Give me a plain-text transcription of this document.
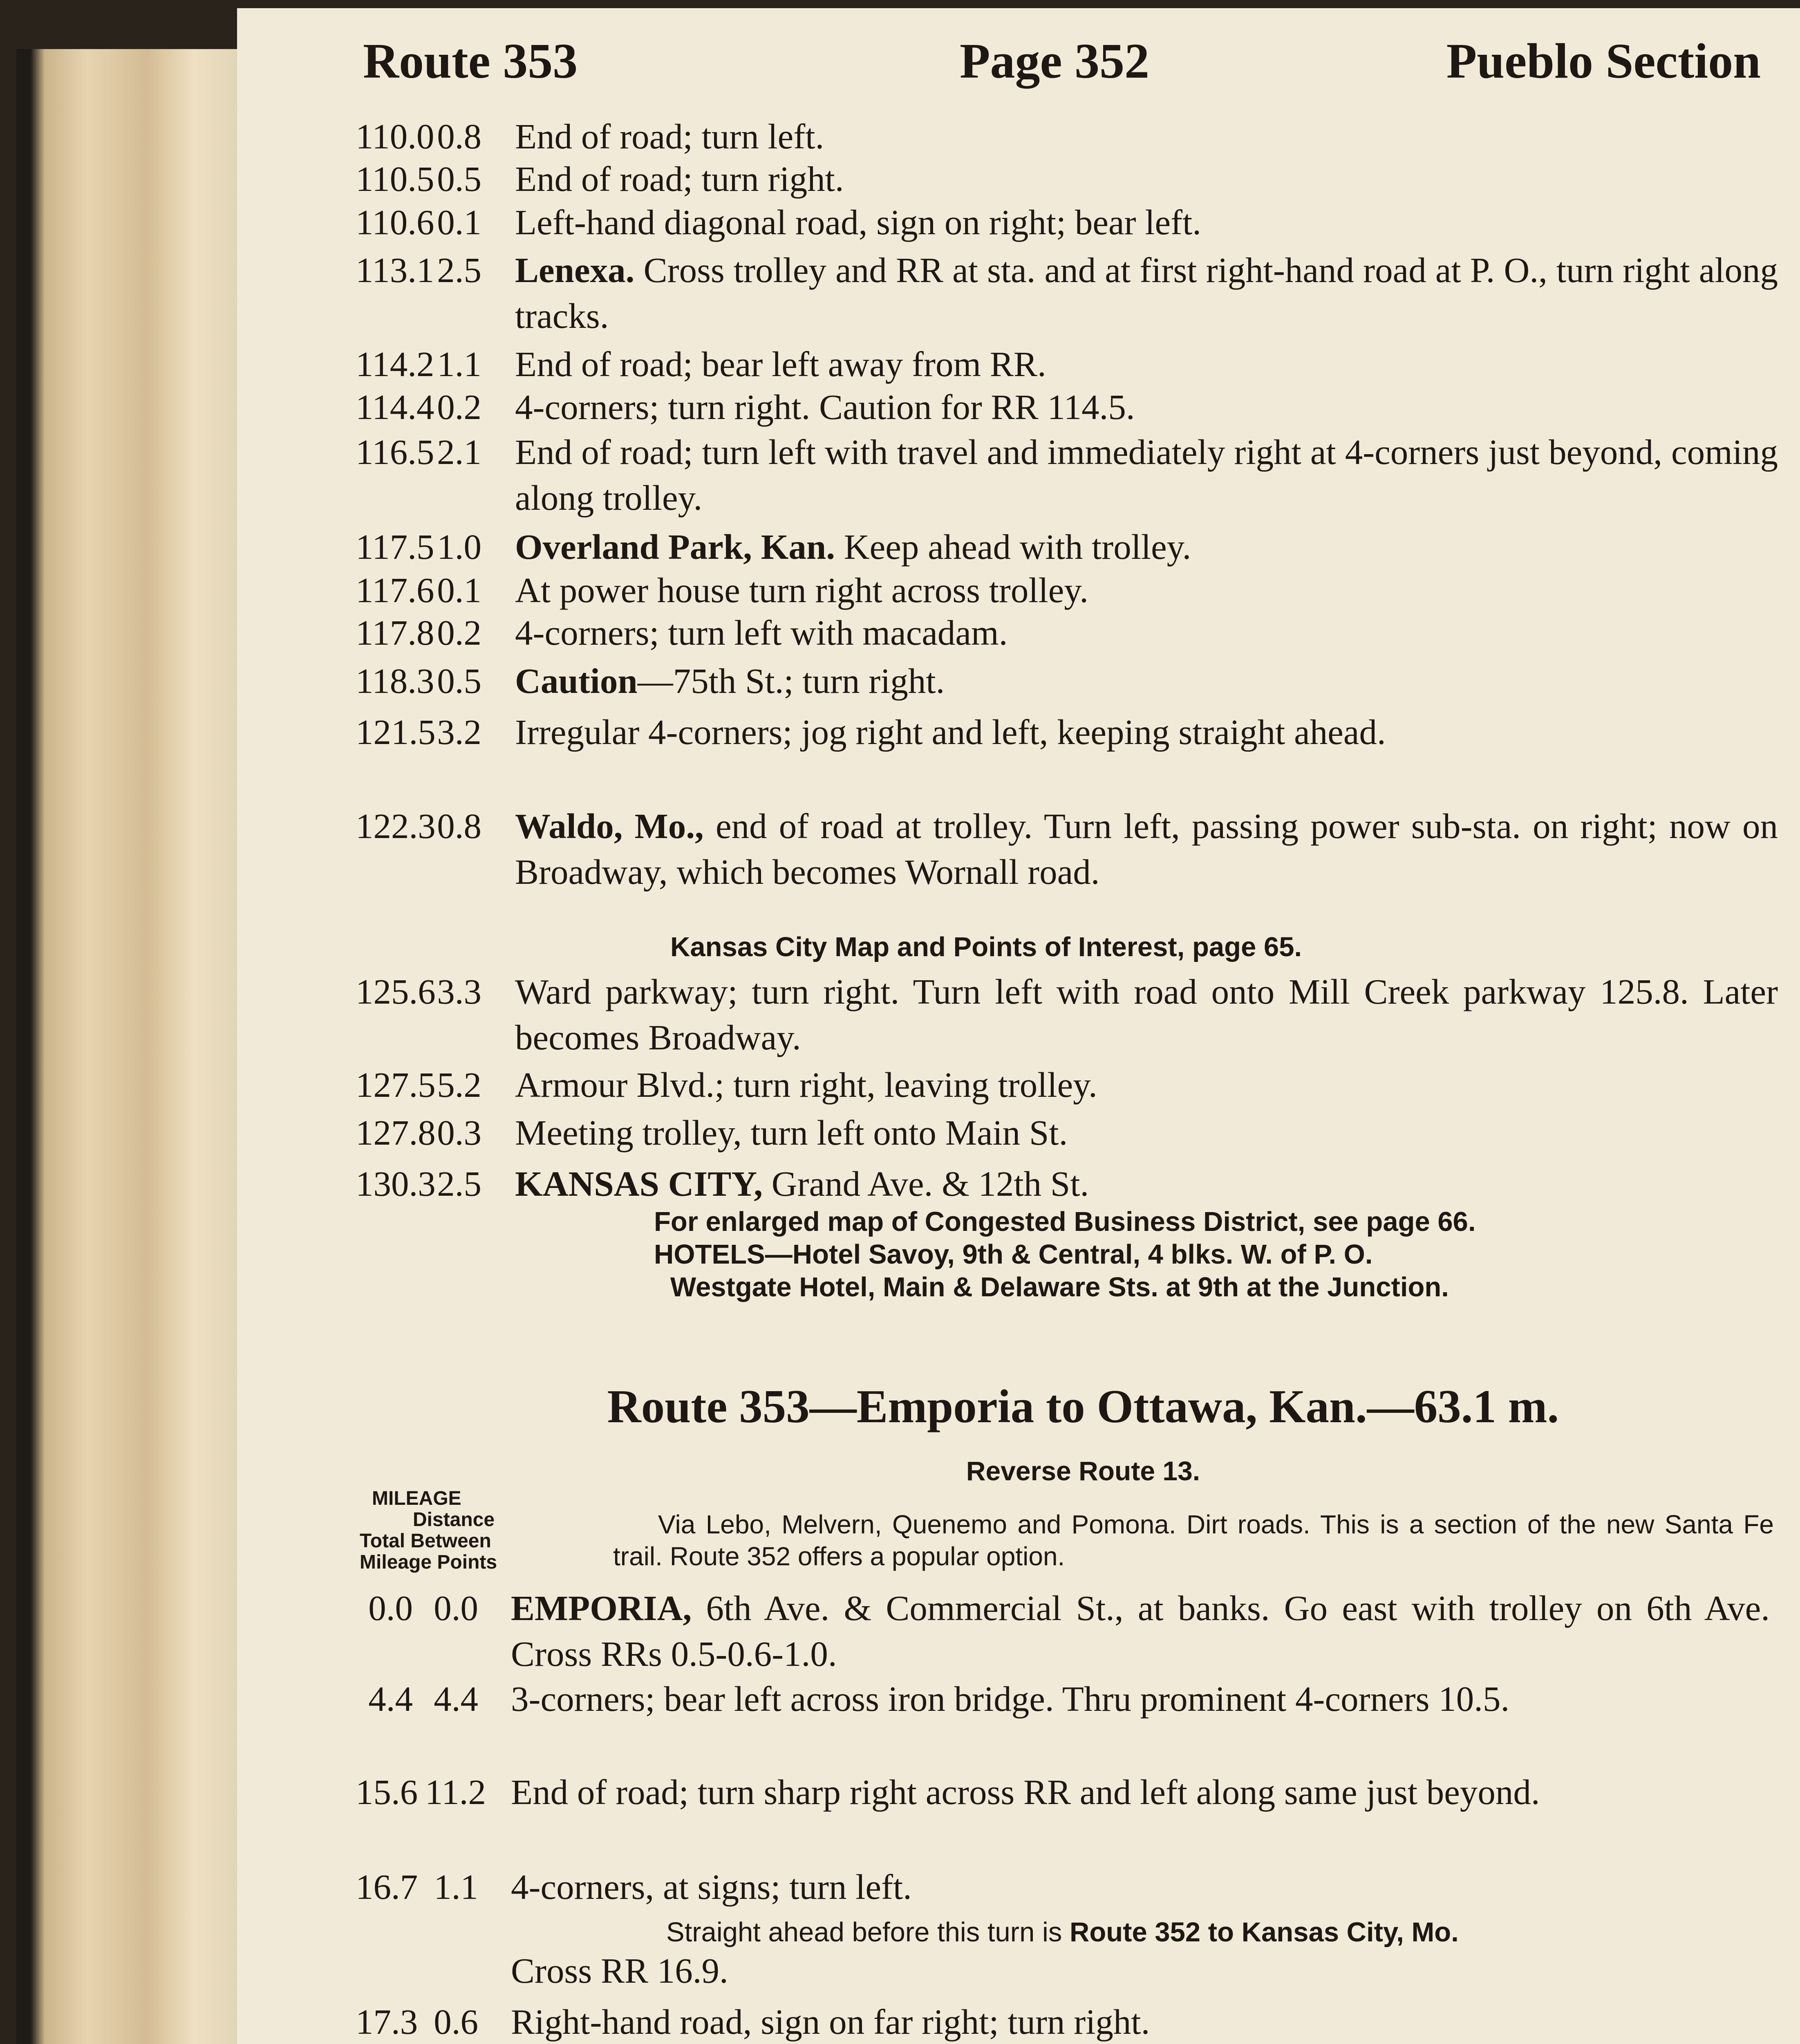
Route 353	Page 352	Pueblo Section
110.0 0.8 End of road; turn left.
110.5 0.5 End of road; turn right.
110.6 0.1 Left-hand diagonal road, sign on right; bear left.
113.1 2.5 Lenexa. Cross trolley and RR at sta. and at first right-hand road at P. O., turn right along tracks.
114.2 1.1 End of road; bear left away from RR.
114.4 0.2 4-corners; turn right. Caution for RR 114.5.
116.5 2.1 End of road; turn left with travel and immediately right at 4-corners just beyond, coming along trolley.
117.5 1.0 Overland Park, Kan. Keep ahead with trolley.
117.6 0.1 At power house turn right across trolley.
117.8 0.2 4-corners; turn left with macadam.
118.3 0.5 Caution—75th St.; turn right.
121.5 3.2 Irregular 4-corners; jog right and left, keeping straight ahead.
122.3 0.8 Waldo, Mo., end of road at trolley. Turn left, passing power sub-sta. on right; now on Broadway, which becomes Wornall road.
Kansas City Map and Points of Interest, page 65.
125.6 3.3 Ward parkway; turn right. Turn left with road onto Mill Creek parkway 125.8. Later becomes Broadway.
127.5 5.2 Armour Blvd.; turn right, leaving trolley.
127.8 0.3 Meeting trolley, turn left onto Main St.
130.3 2.5 KANSAS CITY, Grand Ave. & 12th St.
For enlarged map of Congested Business District, see page 66.
HOTELS—Hotel Savoy, 9th & Central, 4 blks. W. of P. O.
Westgate Hotel, Main & Delaware Sts. at 9th at the Junction.
Route 353—Emporia to Ottawa, Kan.—63.1 m.
Reverse Route 13.
MILEAGE
Distance
Total Between
Mileage Points
Via Lebo, Melvern, Quenemo and Pomona. Dirt roads. This is a section of the new Santa Fe trail. Route 352 offers a popular option.
0.0 0.0 EMPORIA, 6th Ave. & Commercial St., at banks. Go east with trolley on 6th Ave. Cross RRs 0.5-0.6-1.0.
4.4 4.4 3-corners; bear left across iron bridge. Thru prominent 4-corners 10.5.
15.6 11.2 End of road; turn sharp right across RR and left along same just beyond.
16.7 1.1 4-corners, at signs; turn left.
Straight ahead before this turn is Route 352 to Kansas City, Mo.
Cross RR 16.9.
17.3 0.6 Right-hand road, sign on far right; turn right.
